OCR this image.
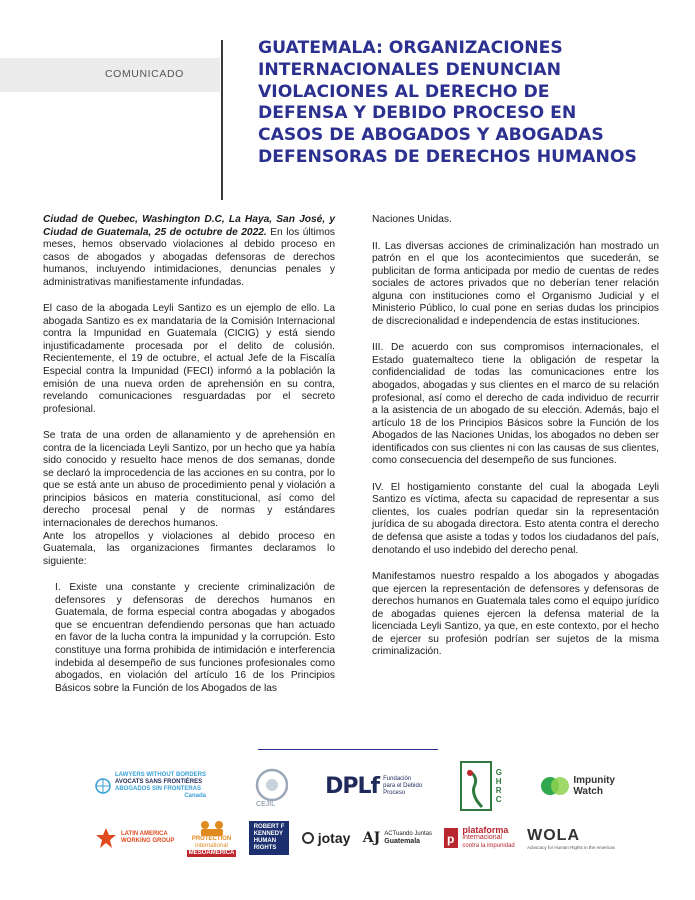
COMUNICADO
GUATEMALA: ORGANIZACIONES INTERNACIONALES DENUNCIAN VIOLACIONES AL DERECHO DE DEFENSA Y DEBIDO PROCESO EN CASOS DE ABOGADOS Y ABOGADAS DEFENSORAS DE DERECHOS HUMANOS

Ciudad de Quebec, Washington D.C, La Haya, San José, y Ciudad de Guatemala, 25 de octubre de 2022. En los últimos meses, hemos observado violaciones al debido proceso en casos de abogados y abogadas defensoras de derechos humanos, incluyendo intimidaciones, denuncias penales y administrativas manifiestamente infundadas.

El caso de la abogada Leyli Santizo es un ejemplo de ello. La abogada Santizo es ex mandataria de la Comisión Internacional contra la Impunidad en Guatemala (CICIG) y está siendo injustificadamente procesada por el delito de colusión. Recientemente, el 19 de octubre, el actual Jefe de la Fiscalía Especial contra la Impunidad (FECI) informó a la población la emisión de una nueva orden de aprehensión en su contra, revelando comunicaciones resguardadas por el secreto profesional.

Se trata de una orden de allanamiento y de aprehensión en contra de la licenciada Leyli Santizo, por un hecho que ya había sido conocido y resuelto hace menos de dos semanas, donde se declaró la improcedencia de las acciones en su contra, por lo que se está ante un abuso de procedimiento penal y violación a principios básicos en materia constitucional, así como del derecho procesal penal y de normas y estándares internacionales de derechos humanos.

Ante los atropellos y violaciones al debido proceso en Guatemala, las organizaciones firmantes declaramos lo siguiente:

I. Existe una constante y creciente criminalización de defensores y defensoras de derechos humanos en Guatemala, de forma especial contra abogadas y abogados que se encuentran defendiendo personas que han actuado en favor de la lucha contra la impunidad y la corrupción. Esto constituye una forma prohibida de intimidación e interferencia indebida al desempeño de sus funciones profesionales como abogados, en violación del artículo 16 de los Principios Básicos sobre la Función de los Abogados de las

Naciones Unidas.

II. Las diversas acciones de criminalización han mostrado un patrón en el que los acontecimientos que sucederán, se publicitan de forma anticipada por medio de cuentas de redes sociales de actores privados que no deberían tener relación alguna con instituciones como el Organismo Judicial y el Ministerio Público, lo cual pone en serias dudas los principios de discrecionalidad e independencia de estas instituciones.

III. De acuerdo con sus compromisos internacionales, el Estado guatemalteco tiene la obligación de respetar la confidencialidad de todas las comunicaciones entre los abogados, abogadas y sus clientes en el marco de su relación profesional, así como el derecho de cada individuo de recurrir a la asistencia de un abogado de su elección. Además, bajo el artículo 18 de los Principios Básicos sobre la Función de los Abogados de las Naciones Unidas, los abogados no deben ser identificados con sus clientes ni con las causas de sus clientes, como consecuencia del desempeño de sus funciones.

IV. El hostigamiento constante del cual la abogada Leyli Santizo es víctima, afecta su capacidad de representar a sus clientes, los cuales podrían quedar sin la representación jurídica de su abogada directora. Esto atenta contra el derecho de defensa que asiste a todas y todos los ciudadanos del país, denotando el uso indebido del derecho penal.

Manifestamos nuestro respaldo a los abogados y abogadas que ejercen la representación de defensores y defensoras de derechos humanos en Guatemala tales como el equipo jurídico de abogadas quienes ejercen la defensa material de la licenciada Leyli Santizo, ya que, en este contexto, por el hecho de ejercer su profesión podrían ser sujetos de la misma criminalización.

LAWYERS WITHOUT BORDERS
AVOCATS SANS FRONTIÈRES
ABOGADOS SIN FRONTERAS
Canada
CEJIL
DPLf Fundación
para el Debido
Proceso
GHRC
Impunity
Watch
LATIN AMERICA
WORKING GROUP	PROTECTION
international
MESOAMÉRICA
ROBERT F
KENNEDY
HUMAN
RIGHTS
jotay AJ ACTuando Juntas
Guatemala	p
plataforma
internacional
contra la impunidad
WOLA
Advocacy for Human Rights in the Americas
